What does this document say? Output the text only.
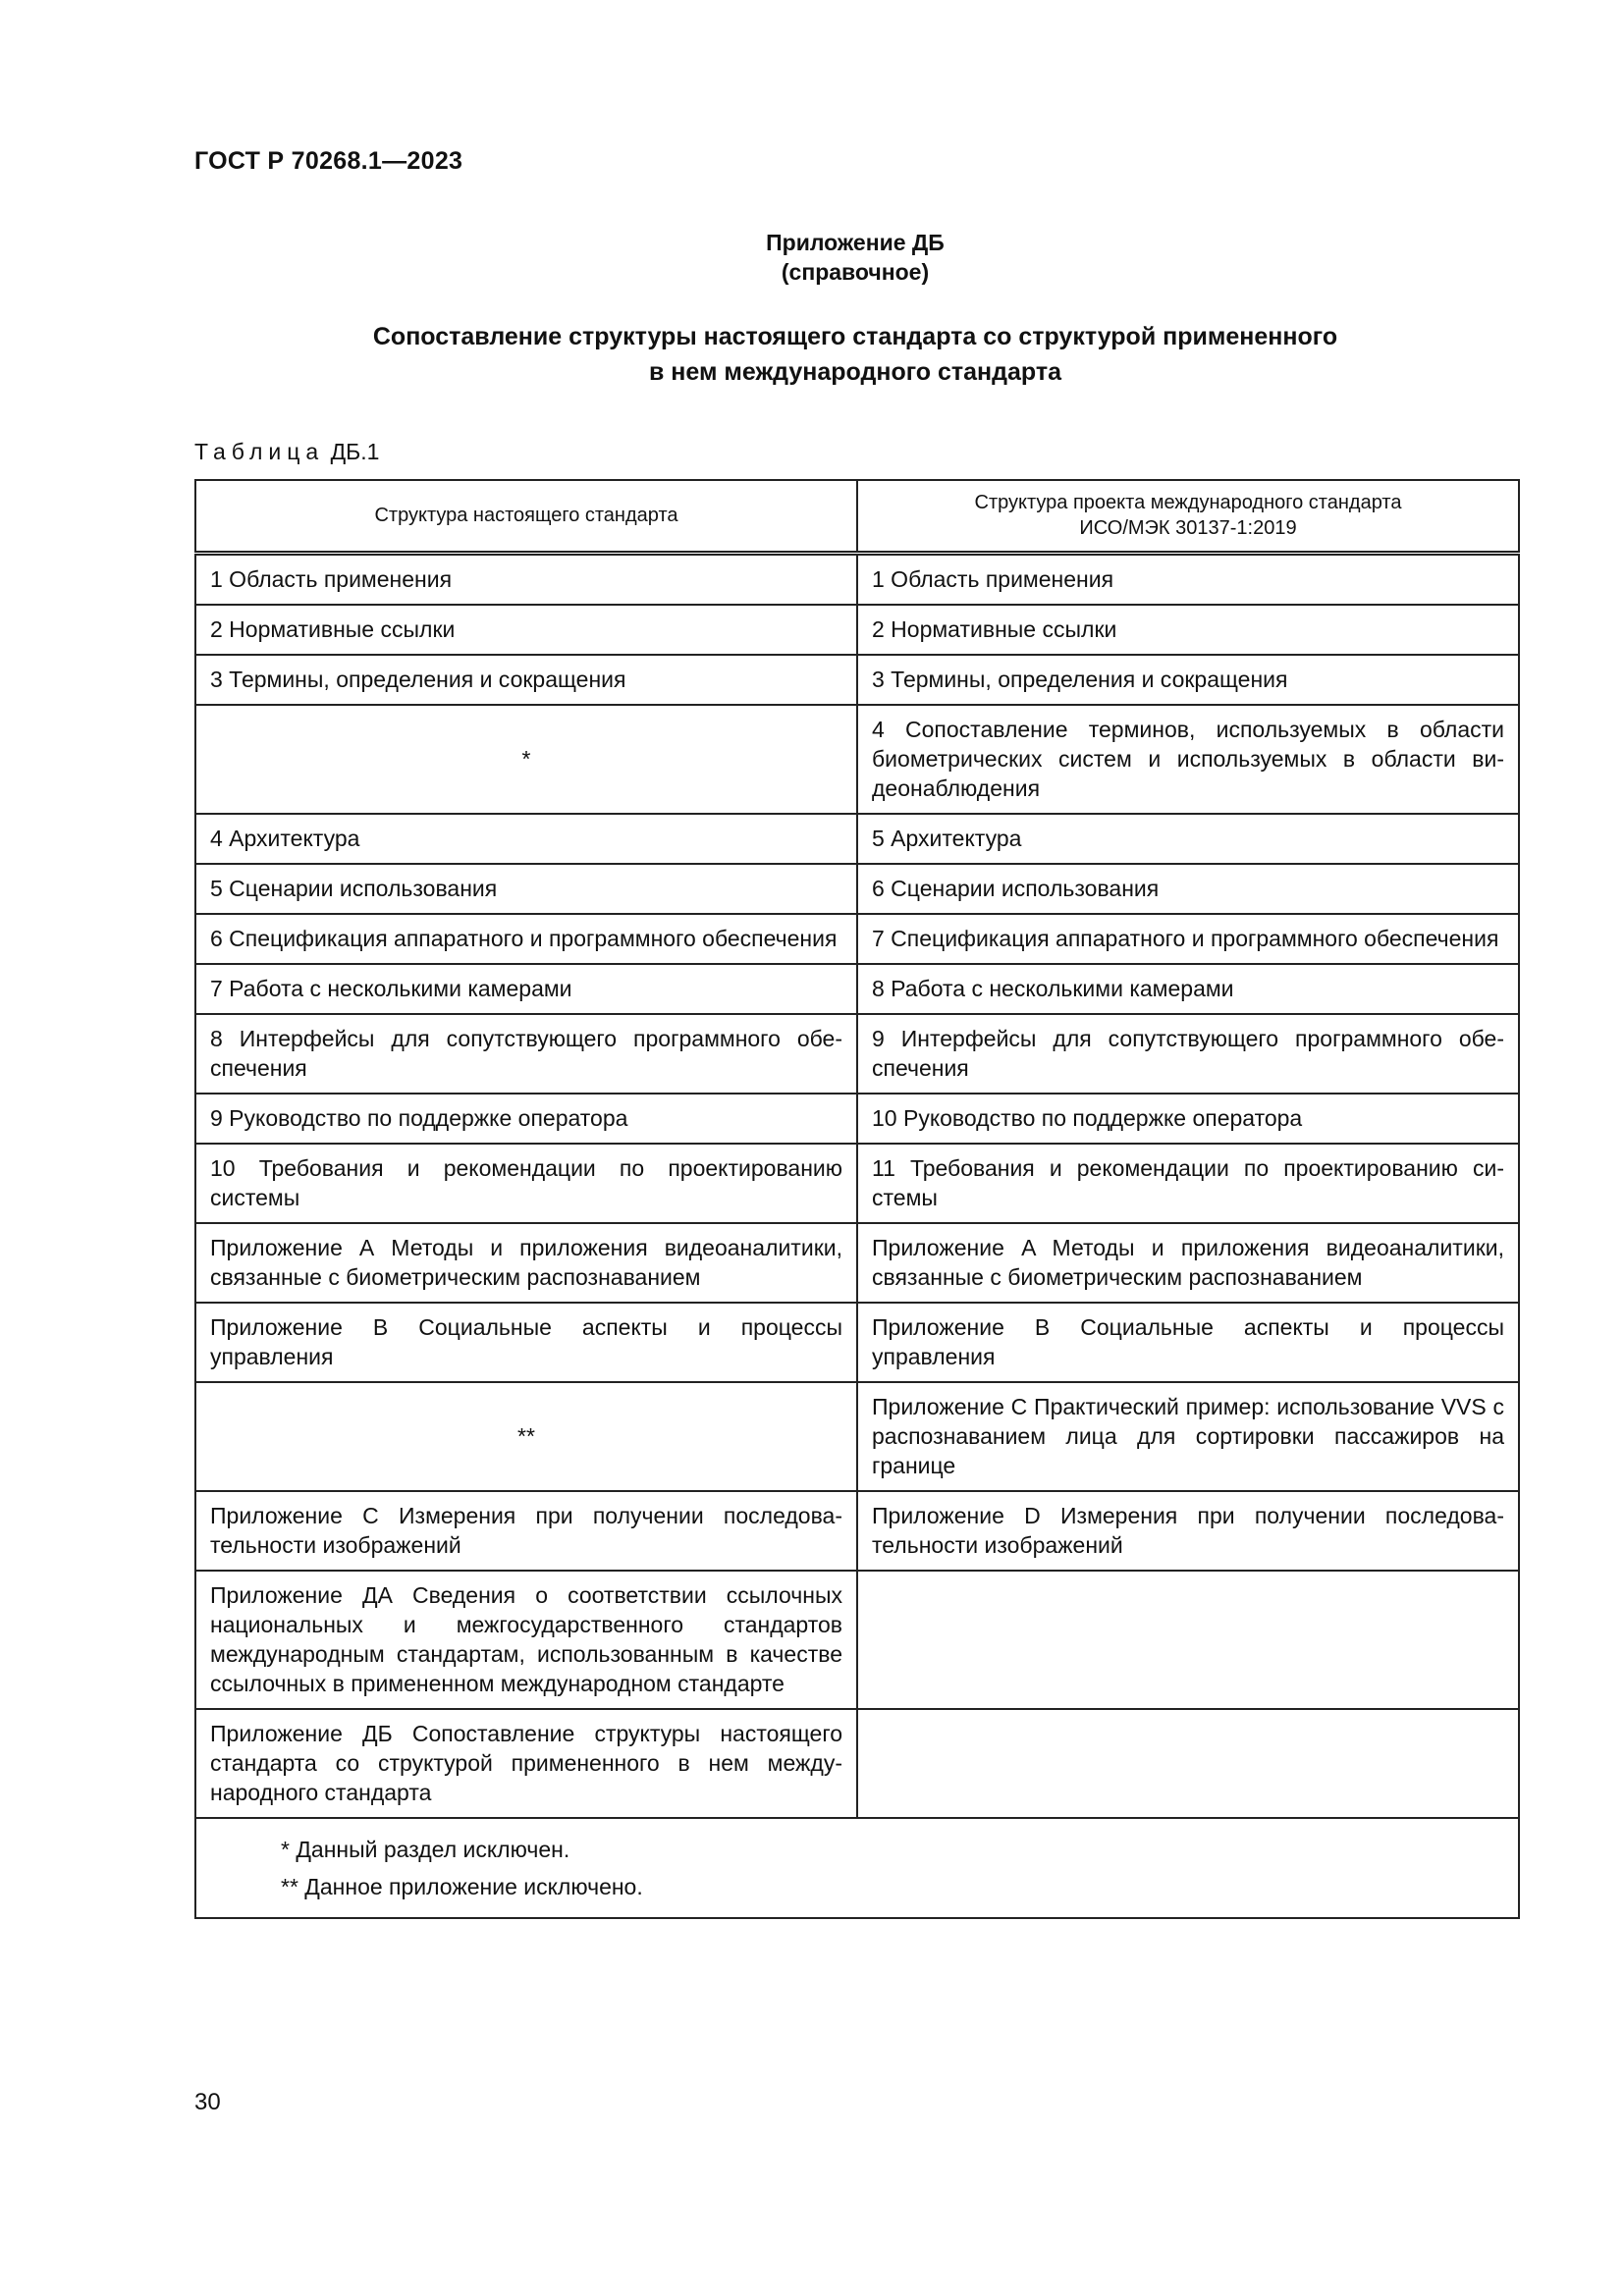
ГОСТ Р 70268.1—2023
Приложение ДБ
(справочное)
Сопоставление структуры настоящего стандарта со структурой примененного
в нем международного стандарта
Таблица ДБ.1
Структура настоящего стандарта	Структура проекта международного стандарта
ИСО/МЭК 30137-1:2019

1 Область применения	1 Область применения
2 Нормативные ссылки	2 Нормативные ссылки
3 Термины, определения и сокращения	3 Термины, определения и сокращения
*	4 Сопоставление терминов, используемых в области биометрических систем и используемых в области видеонаблюдения
4 Архитектура	5 Архитектура
5 Сценарии использования	6 Сценарии использования
6 Спецификация аппаратного и программного обеспечения	7 Спецификация аппаратного и программного обеспечения
7 Работа с несколькими камерами	8 Работа с несколькими камерами
8 Интерфейсы для сопутствующего программного обеспечения	9 Интерфейсы для сопутствующего программного обеспечения
9 Руководство по поддержке оператора	10 Руководство по поддержке оператора
10 Требования и рекомендации по проектированию системы	11 Требования и рекомендации по проектированию системы
Приложение А Методы и приложения видеоаналитики, связанные с биометрическим распознаванием	Приложение A Методы и приложения видеоаналитики, связанные с биометрическим распознаванием
Приложение В Социальные аспекты и процессы управления	Приложение B Социальные аспекты и процессы управления
**	Приложение C Практический пример: использование VVS с распознаванием лица для сортировки пассажиров на границе
Приложение С Измерения при получении последовательности изображений	Приложение D Измерения при получении последовательности изображений
Приложение ДА Сведения о соответствии ссылочных национальных и межгосударственного стандартов международным стандартам, использованным в качестве ссылочных в примененном международном стандарте	
Приложение ДБ Сопоставление структуры настоящего стандарта со структурой примененного в нем международного стандарта	

* Данный раздел исключен.
** Данное приложение исключено.	
30
